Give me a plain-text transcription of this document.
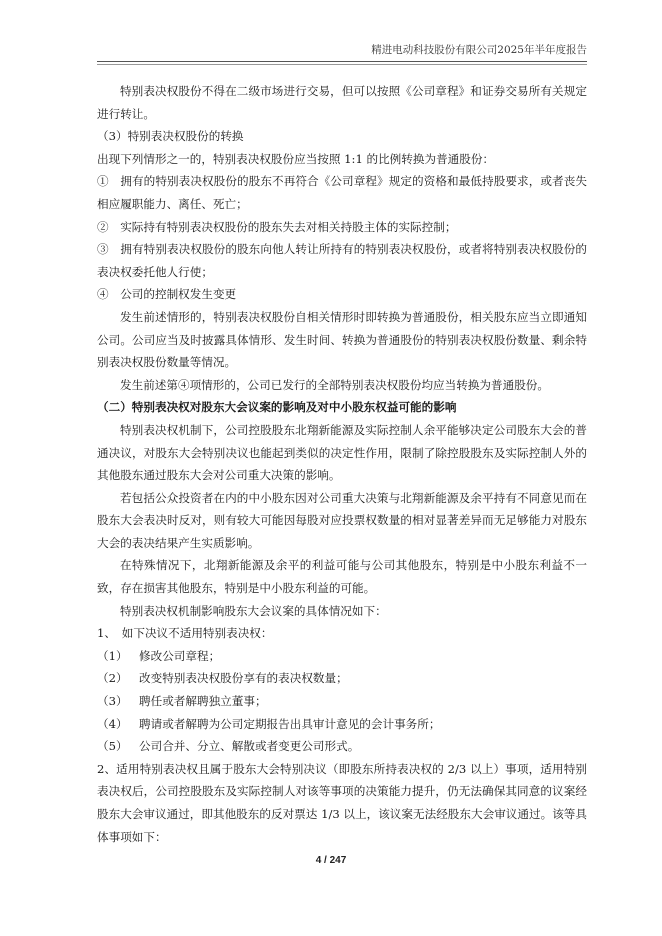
精进电动科技股份有限公司2025年半年度报告

特别表决权股份不得在二级市场进行交易，但可以按照《公司章程》和证券交易所有关规定进行转让。

（3）特别表决权股份的转换

出现下列情形之一的，特别表决权股份应当按照 1:1 的比例转换为普通股份：

①　拥有的特别表决权股份的股东不再符合《公司章程》规定的资格和最低持股要求，或者丧失相应履职能力、离任、死亡；

②　实际持有特别表决权股份的股东失去对相关持股主体的实际控制；

③　拥有特别表决权股份的股东向他人转让所持有的特别表决权股份，或者将特别表决权股份的表决权委托他人行使；

④　公司的控制权发生变更

发生前述情形的，特别表决权股份自相关情形时即转换为普通股份，相关股东应当立即通知公司。公司应当及时披露具体情形、发生时间、转换为普通股份的特别表决权股份数量、剩余特别表决权股份数量等情况。

发生前述第④项情形的，公司已发行的全部特别表决权股份均应当转换为普通股份。

（二）特别表决权对股东大会议案的影响及对中小股东权益可能的影响

特别表决权机制下，公司控股股东北翔新能源及实际控制人余平能够决定公司股东大会的普通决议，对股东大会特别决议也能起到类似的决定性作用，限制了除控股股东及实际控制人外的其他股东通过股东大会对公司重大决策的影响。

若包括公众投资者在内的中小股东因对公司重大决策与北翔新能源及余平持有不同意见而在股东大会表决时反对，则有较大可能因每股对应投票权数量的相对显著差异而无足够能力对股东大会的表决结果产生实质影响。

在特殊情况下，北翔新能源及余平的利益可能与公司其他股东，特别是中小股东利益不一致，存在损害其他股东，特别是中小股东利益的可能。

特别表决权机制影响股东大会议案的具体情况如下：

1、　如下决议不适用特别表决权：

（1） 修改公司章程；
（2） 改变特别表决权股份享有的表决权数量；
（3） 聘任或者解聘独立董事；
（4） 聘请或者解聘为公司定期报告出具审计意见的会计事务所；
（5） 公司合并、分立、解散或者变更公司形式。

2、适用特别表决权且属于股东大会特别决议（即股东所持表决权的 2/3 以上）事项，适用特别表决权后，公司控股股东及实际控制人对该等事项的决策能力提升，仍无法确保其同意的议案经股东大会审议通过，即其他股东的反对票达 1/3 以上，该议案无法经股东大会审议通过。该等具体事项如下：

4 / 247
